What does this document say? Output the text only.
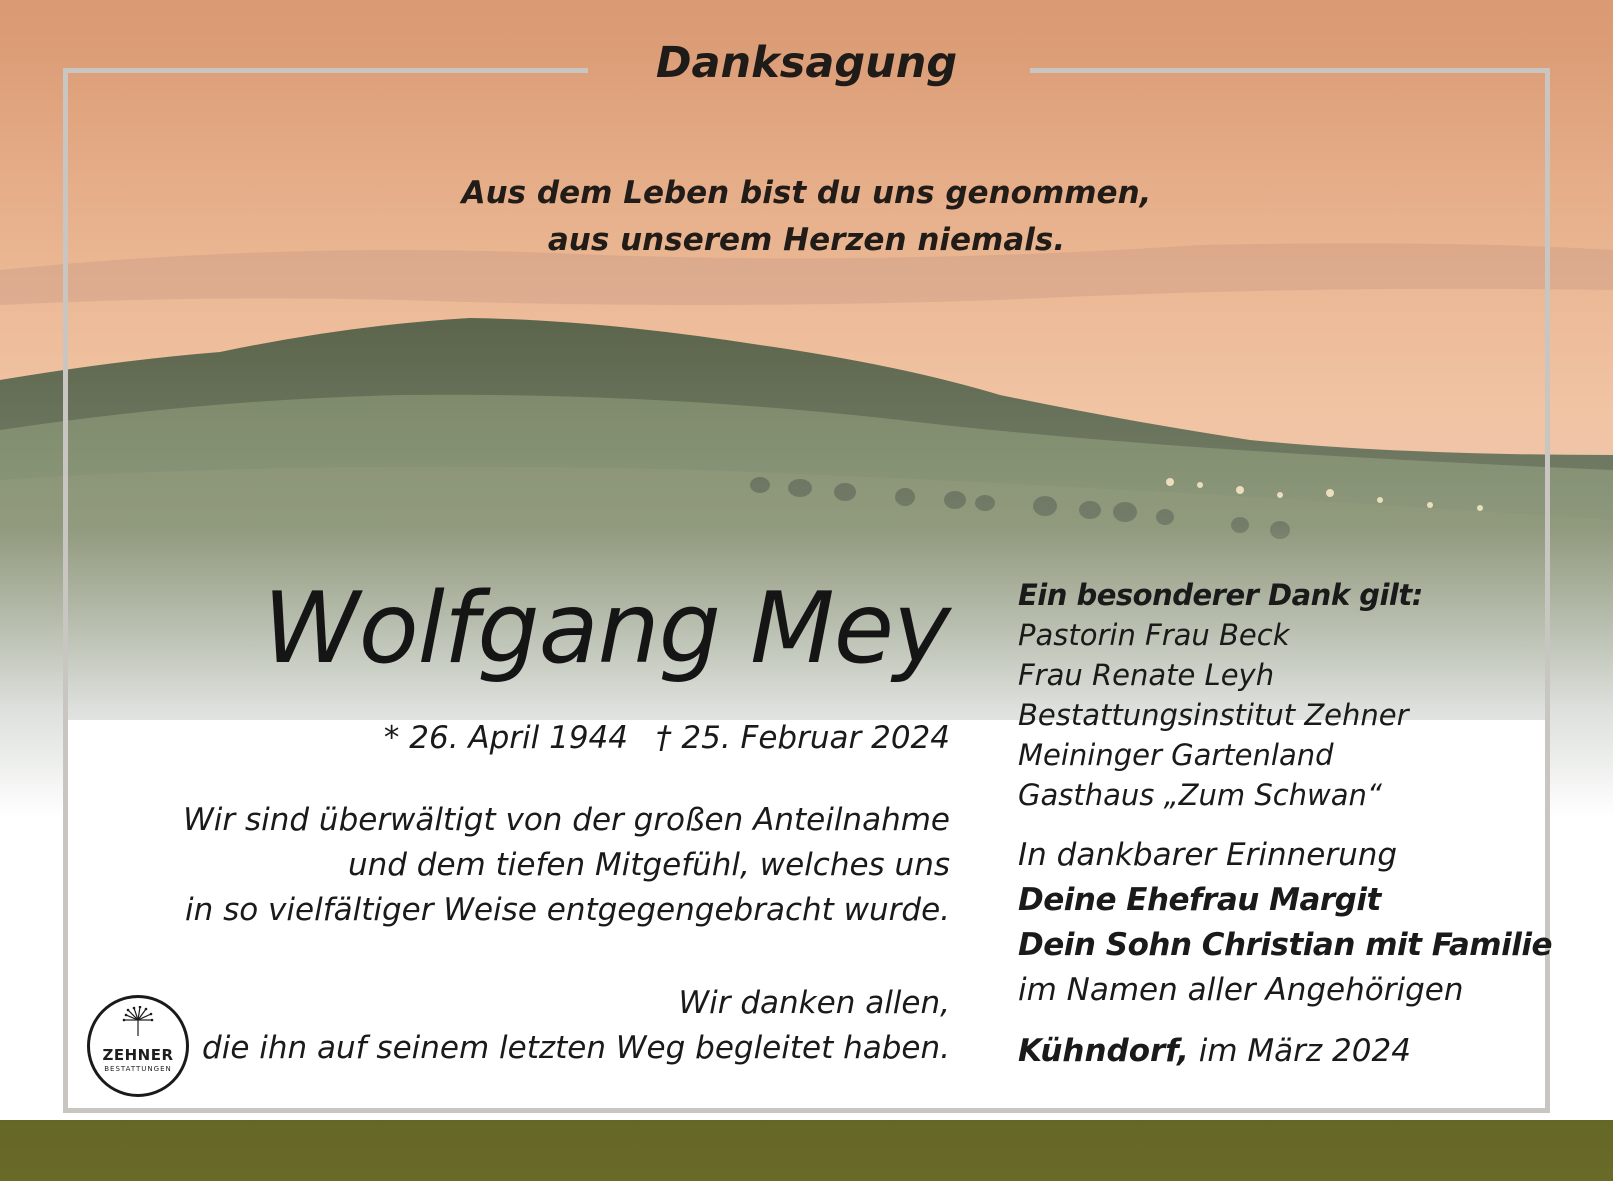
Danksagung

Aus dem Leben bist du uns genommen,

aus unserem Herzen niemals.

Wolfgang Mey

* 26. April 1944 † 25. Februar 2024

Wir sind überwältigt von der großen Anteilnahme

und dem tiefen Mitgefühl, welches uns

in so vielfältiger Weise entgegengebracht wurde.

Wir danken allen,

die ihn auf seinem letzten Weg begleitet haben.

Ein besonderer Dank gilt:

Pastorin Frau Beck

Frau Renate Leyh

Bestattungsinstitut Zehner

Meininger Gartenland

Gasthaus „Zum Schwan“

In dankbarer Erinnerung

Deine Ehefrau Margit

Dein Sohn Christian mit Familie

im Namen aller Angehörigen

Kühndorf, im März 2024

ZEHNER
BESTATTUNGEN
